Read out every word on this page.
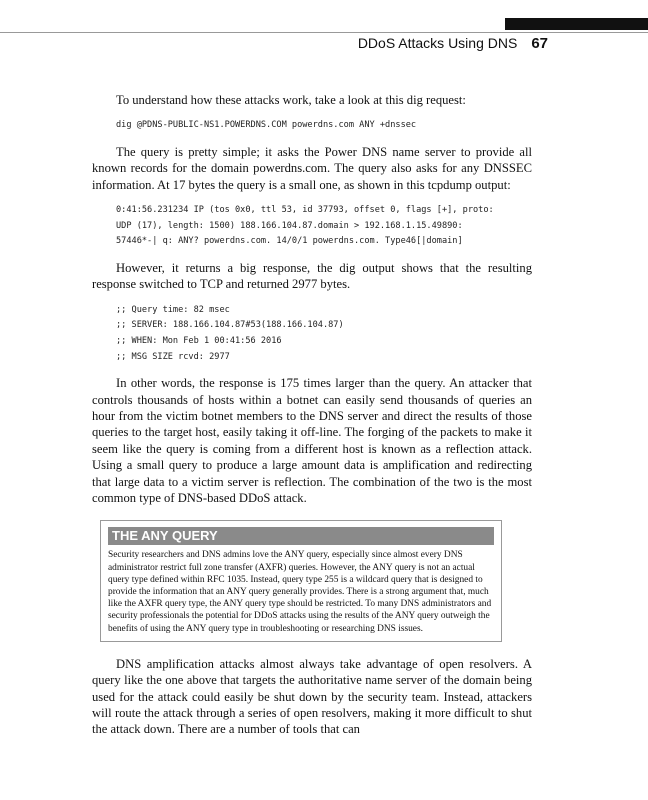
DDoS Attacks Using DNS 67

To understand how these attacks work, take a look at this dig request:

dig @PDNS-PUBLIC-NS1.POWERDNS.COM powerdns.com ANY +dnssec

The query is pretty simple; it asks the Power DNS name server to provide all known records for the domain powerdns.com. The query also asks for any DNSSEC information. At 17 bytes the query is a small one, as shown in this tcpdump output:

0:41:56.231234 IP (tos 0x0, ttl 53, id 37793, offset 0, flags [+], proto:
UDP (17), length: 1500) 188.166.104.87.domain > 192.168.1.15.49890:
57446*-| q: ANY? powerdns.com. 14/0/1 powerdns.com. Type46[|domain]

However, it returns a big response, the dig output shows that the resulting response switched to TCP and returned 2977 bytes.

;; Query time: 82 msec
;; SERVER: 188.166.104.87#53(188.166.104.87)
;; WHEN: Mon Feb 1 00:41:56 2016
;; MSG SIZE rcvd: 2977

In other words, the response is 175 times larger than the query. An attacker that controls thousands of hosts within a botnet can easily send thousands of queries an hour from the victim botnet members to the DNS server and direct the results of those queries to the target host, easily taking it off-line. The forging of the packets to make it seem like the query is coming from a different host is known as a reflection attack. Using a small query to produce a large amount data is amplification and redirecting that large data to a victim server is reflection. The combination of the two is the most common type of DNS-based DDoS attack.

THE ANY QUERY
Security researchers and DNS admins love the ANY query, especially since almost every DNS administrator restrict full zone transfer (AXFR) queries. However, the ANY query is not an actual query type defined within RFC 1035. Instead, query type 255 is a wildcard query that is designed to provide the information that an ANY query generally provides. There is a strong argument that, much like the AXFR query type, the ANY query type should be restricted. To many DNS administrators and security professionals the potential for DDoS attacks using the results of the ANY query outweigh the benefits of using the ANY query type in troubleshooting or researching DNS issues.

DNS amplification attacks almost always take advantage of open resolvers. A query like the one above that targets the authoritative name server of the domain being used for the attack could easily be shut down by the security team. Instead, attackers will route the attack through a series of open resolvers, making it more difficult to shut the attack down. There are a number of tools that can
